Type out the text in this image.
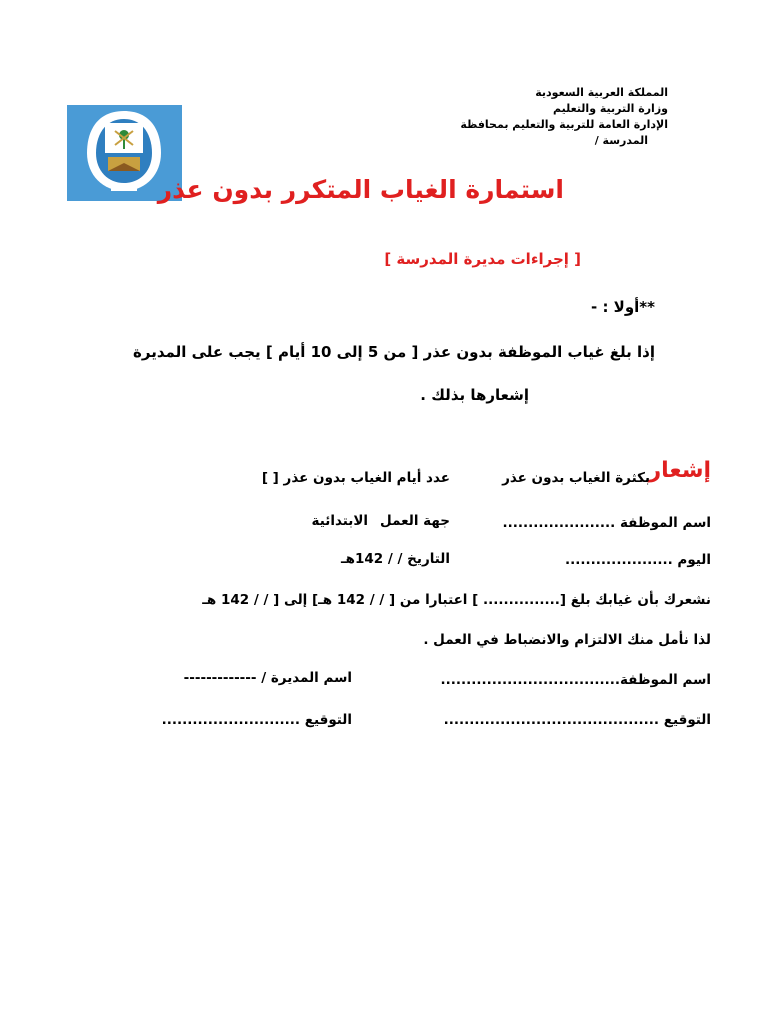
المملكة العربية السعودية
وزارة التربية والتعليم
الإدارة العامة للتربية والتعليم بمحافظة
المدرسة /
استمارة الغياب المتكرر بدون عذر
[ إجراءات مديرة المدرسة ]
**أولا : -
إذا بلغ غياب الموظفة بدون عذر [ من 5 إلى 10 أيام ] يجب على المديرة
إشعارها بذلك .
إشعار
بكثرة الغياب بدون عذر
عدد أيام الغياب بدون عذر [ ]
اسم الموظفة ......................
جهة العمل
الابتدائية
اليوم .....................
التاريخ / / 142هـ
نشعرك بأن غيابك بلغ [............... ] اعتبارا من [ / / 142 هـ] إلى [ / / 142 هـ
لذا نأمل منك الالتزام والانضباط في العمل .
اسم الموظفة...................................
اسم المديرة / -------------
التوقيع ..........................................
التوقيع ...........................
